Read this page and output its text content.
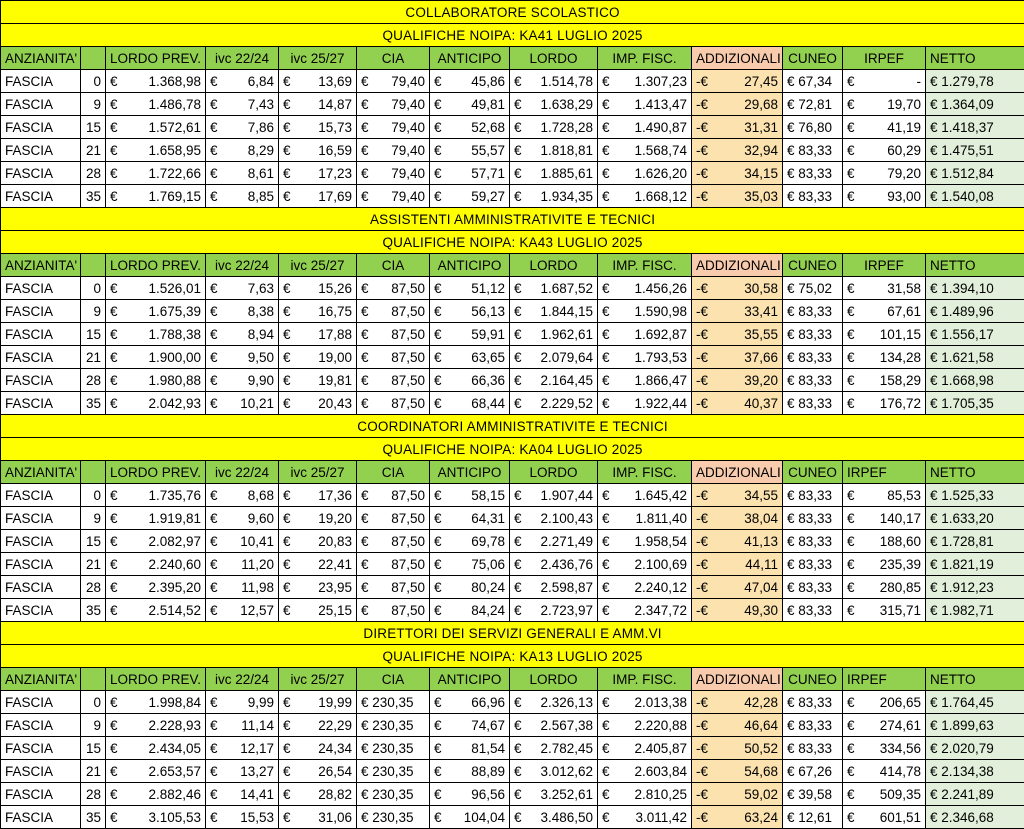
COLLABORATORE SCOLASTICO												
QUALIFICHE NOIPA: KA41 LUGLIO 2025												
ANZIANITA'		LORDO PREV.	ivc 22/24	ivc 25/27	CIA	ANTICIPO	LORDO	IMP. FISC.	ADDIZIONALI	CUNEO	IRPEF	NETTO
FASCIA	0	€ 1.368,98	€ 6,84	€ 13,69	€ 79,40	€ 45,86	€ 1.514,78	€ 1.307,23	-€ 27,45	€ 67,34	€ -	€ 1.279,78
FASCIA	9	€ 1.486,78	€ 7,43	€ 14,87	€ 79,40	€ 49,81	€ 1.638,29	€ 1.413,47	-€ 29,68	€ 72,81	€ 19,70	€ 1.364,09
FASCIA	15	€ 1.572,61	€ 7,86	€ 15,73	€ 79,40	€ 52,68	€ 1.728,28	€ 1.490,87	-€ 31,31	€ 76,80	€ 41,19	€ 1.418,37
FASCIA	21	€ 1.658,95	€ 8,29	€ 16,59	€ 79,40	€ 55,57	€ 1.818,81	€ 1.568,74	-€ 32,94	€ 83,33	€ 60,29	€ 1.475,51
FASCIA	28	€ 1.722,66	€ 8,61	€ 17,23	€ 79,40	€ 57,71	€ 1.885,61	€ 1.626,20	-€ 34,15	€ 83,33	€ 79,20	€ 1.512,84
FASCIA	35	€ 1.769,15	€ 8,85	€ 17,69	€ 79,40	€ 59,27	€ 1.934,35	€ 1.668,12	-€ 35,03	€ 83,33	€ 93,00	€ 1.540,08
ASSISTENTI AMMINISTRATIVITE E TECNICI												
QUALIFICHE NOIPA: KA43 LUGLIO 2025												
ANZIANITA'		LORDO PREV.	ivc 22/24	ivc 25/27	CIA	ANTICIPO	LORDO	IMP. FISC.	ADDIZIONALI	CUNEO	IRPEF	NETTO
FASCIA	0	€ 1.526,01	€ 7,63	€ 15,26	€ 87,50	€ 51,12	€ 1.687,52	€ 1.456,26	-€ 30,58	€ 75,02	€ 31,58	€ 1.394,10
FASCIA	9	€ 1.675,39	€ 8,38	€ 16,75	€ 87,50	€ 56,13	€ 1.844,15	€ 1.590,98	-€ 33,41	€ 83,33	€ 67,61	€ 1.489,96
FASCIA	15	€ 1.788,38	€ 8,94	€ 17,88	€ 87,50	€ 59,91	€ 1.962,61	€ 1.692,87	-€ 35,55	€ 83,33	€ 101,15	€ 1.556,17
FASCIA	21	€ 1.900,00	€ 9,50	€ 19,00	€ 87,50	€ 63,65	€ 2.079,64	€ 1.793,53	-€ 37,66	€ 83,33	€ 134,28	€ 1.621,58
FASCIA	28	€ 1.980,88	€ 9,90	€ 19,81	€ 87,50	€ 66,36	€ 2.164,45	€ 1.866,47	-€ 39,20	€ 83,33	€ 158,29	€ 1.668,98
FASCIA	35	€ 2.042,93	€ 10,21	€ 20,43	€ 87,50	€ 68,44	€ 2.229,52	€ 1.922,44	-€ 40,37	€ 83,33	€ 176,72	€ 1.705,35
COORDINATORI AMMINISTRATIVITE E TECNICI												
QUALIFICHE NOIPA: KA04 LUGLIO 2025												
ANZIANITA'		LORDO PREV.	ivc 22/24	ivc 25/27	CIA	ANTICIPO	LORDO	IMP. FISC.	ADDIZIONALI	CUNEO	IRPEF	NETTO
FASCIA	0	€ 1.735,76	€ 8,68	€ 17,36	€ 87,50	€ 58,15	€ 1.907,44	€ 1.645,42	-€ 34,55	€ 83,33	€ 85,53	€ 1.525,33
FASCIA	9	€ 1.919,81	€ 9,60	€ 19,20	€ 87,50	€ 64,31	€ 2.100,43	€ 1.811,40	-€ 38,04	€ 83,33	€ 140,17	€ 1.633,20
FASCIA	15	€ 2.082,97	€ 10,41	€ 20,83	€ 87,50	€ 69,78	€ 2.271,49	€ 1.958,54	-€ 41,13	€ 83,33	€ 188,60	€ 1.728,81
FASCIA	21	€ 2.240,60	€ 11,20	€ 22,41	€ 87,50	€ 75,06	€ 2.436,76	€ 2.100,69	-€ 44,11	€ 83,33	€ 235,39	€ 1.821,19
FASCIA	28	€ 2.395,20	€ 11,98	€ 23,95	€ 87,50	€ 80,24	€ 2.598,87	€ 2.240,12	-€ 47,04	€ 83,33	€ 280,85	€ 1.912,23
FASCIA	35	€ 2.514,52	€ 12,57	€ 25,15	€ 87,50	€ 84,24	€ 2.723,97	€ 2.347,72	-€ 49,30	€ 83,33	€ 315,71	€ 1.982,71
DIRETTORI DEI SERVIZI GENERALI E AMM.VI												
QUALIFICHE NOIPA: KA13 LUGLIO 2025												
ANZIANITA'		LORDO PREV.	ivc 22/24	ivc 25/27	CIA	ANTICIPO	LORDO	IMP. FISC.	ADDIZIONALI	CUNEO	IRPEF	NETTO
FASCIA	0	€ 1.998,84	€ 9,99	€ 19,99	€ 230,35	€ 66,96	€ 2.326,13	€ 2.013,38	-€ 42,28	€ 83,33	€ 206,65	€ 1.764,45
FASCIA	9	€ 2.228,93	€ 11,14	€ 22,29	€ 230,35	€ 74,67	€ 2.567,38	€ 2.220,88	-€ 46,64	€ 83,33	€ 274,61	€ 1.899,63
FASCIA	15	€ 2.434,05	€ 12,17	€ 24,34	€ 230,35	€ 81,54	€ 2.782,45	€ 2.405,87	-€ 50,52	€ 83,33	€ 334,56	€ 2.020,79
FASCIA	21	€ 2.653,57	€ 13,27	€ 26,54	€ 230,35	€ 88,89	€ 3.012,62	€ 2.603,84	-€ 54,68	€ 67,26	€ 414,78	€ 2.134,38
FASCIA	28	€ 2.882,46	€ 14,41	€ 28,82	€ 230,35	€ 96,56	€ 3.252,61	€ 2.810,25	-€ 59,02	€ 39,58	€ 509,35	€ 2.241,89
FASCIA	35	€ 3.105,53	€ 15,53	€ 31,06	€ 230,35	€ 104,04	€ 3.486,50	€ 3.011,42	-€ 63,24	€ 12,61	€ 601,51	€ 2.346,68
